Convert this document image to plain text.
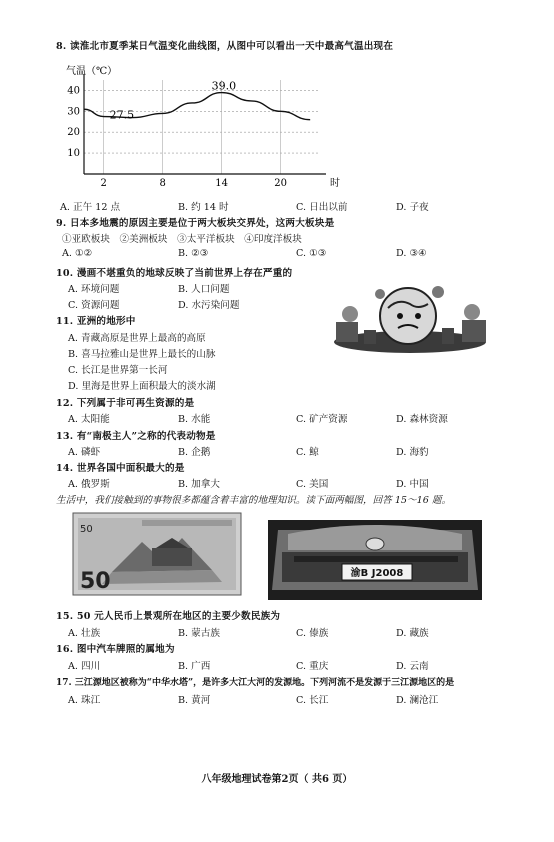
8. 读淮北市夏季某日气温变化曲线图，从图中可以看出一天中最高气温出现在
气温（℃）
10
20
30
40
2	8	14	20	时
27.5
39.0
A. 正午 12 点	B. 约 14 时	C. 日出以前	D. 子夜
9. 日本多地震的原因主要是位于两大板块交界处，这两大板块是
①亚欧板块　②美洲板块　③太平洋板块　④印度洋板块
A. ①②	B. ②③	C. ①③	D. ③④
10. 漫画不堪重负的地球反映了当前世界上存在严重的
A. 环境问题	B. 人口问题
C. 资源问题	D. 水污染问题
11. 亚洲的地形中
A. 青藏高原是世界上最高的高原
B. 喜马拉雅山是世界上最长的山脉
C. 长江是世界第一长河
D. 里海是世界上面积最大的淡水湖
12. 下列属于非可再生资源的是
A. 太阳能	B. 水能	C. 矿产资源	D. 森林资源
13. 有“南极主人”之称的代表动物是
A. 磷虾	B. 企鹅	C. 鲸	D. 海豹
14. 世界各国中面积最大的是
A. 俄罗斯	B. 加拿大	C. 美国	D. 中国
生活中，我们接触到的事物很多都蕴含着丰富的地理知识。读下面两幅图，回答 15～16 题。
50
50	渝B J2008
15. 50 元人民币上景观所在地区的主要少数民族为
A. 壮族	B. 蒙古族	C. 傣族	D. 藏族
16. 图中汽车牌照的属地为
A. 四川	B. 广西	C. 重庆	D. 云南
17. 三江源地区被称为“中华水塔”，是许多大江大河的发源地。下列河流不是发源于三江源地区的是
A. 珠江	B. 黄河	C. 长江	D. 澜沧江
八年级地理试卷第2页（ 共6 页）
